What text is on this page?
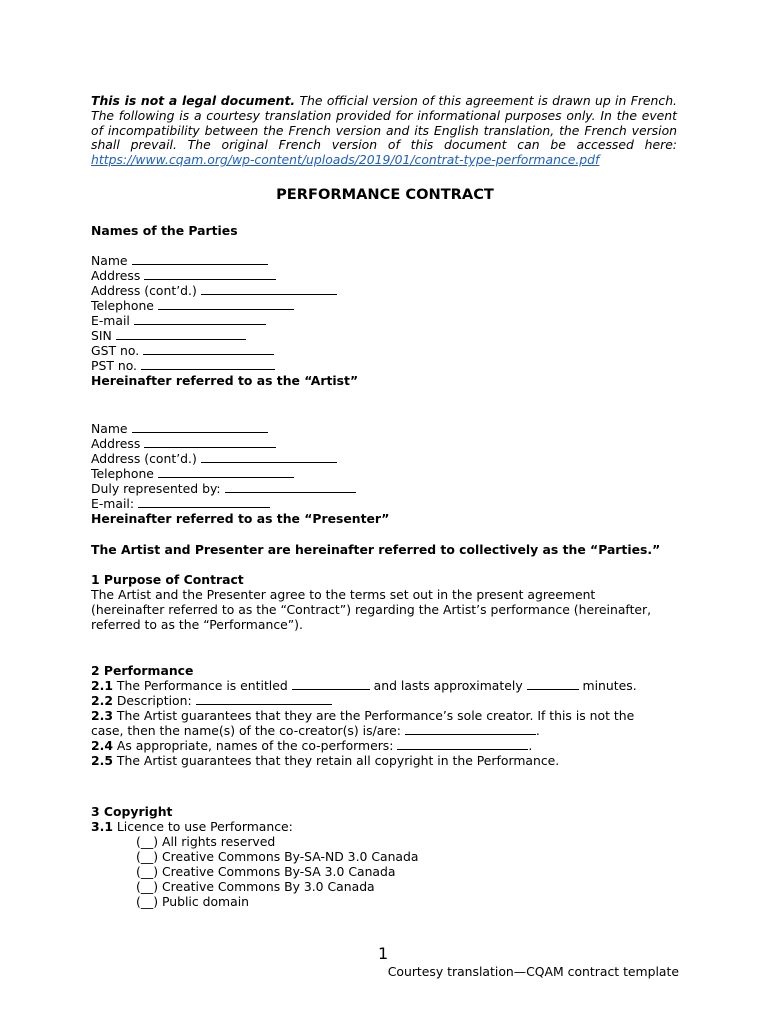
This is not a legal document. The official version of this agreement is drawn up in French. The following is a courtesy translation provided for informational purposes only. In the event of incompatibility between the French version and its English translation, the French version shall prevail. The original French version of this document can be accessed here: https://www.cqam.org/wp-content/uploads/2019/01/contrat-type-performance.pdf
PERFORMANCE CONTRACT
Names of the Parties
Name
Address
Address (cont’d.)
Telephone
E-mail
SIN
GST no.
PST no.
Hereinafter referred to as the “Artist”
Name
Address
Address (cont’d.)
Telephone
Duly represented by:
E-mail:
Hereinafter referred to as the “Presenter”
The Artist and Presenter are hereinafter referred to collectively as the “Parties.”
1 Purpose of Contract
The Artist and the Presenter agree to the terms set out in the present agreement (hereinafter referred to as the “Contract”) regarding the Artist’s performance (hereinafter, referred to as the “Performance”).
2 Performance
2.1 The Performance is entitled	and lasts approximately	minutes.
2.2 Description:
2.3 The Artist guarantees that they are the Performance’s sole creator. If this is not the
case, then the name(s) of the co-creator(s) is/are:	.
2.4 As appropriate, names of the co-performers:	.
2.5 The Artist guarantees that they retain all copyright in the Performance.
3 Copyright
3.1 Licence to use Performance:
(__) All rights reserved
(__) Creative Commons By-SA-ND 3.0 Canada
(__) Creative Commons By-SA 3.0 Canada
(__) Creative Commons By 3.0 Canada
(__) Public domain
1
Courtesy translation—CQAM contract template
